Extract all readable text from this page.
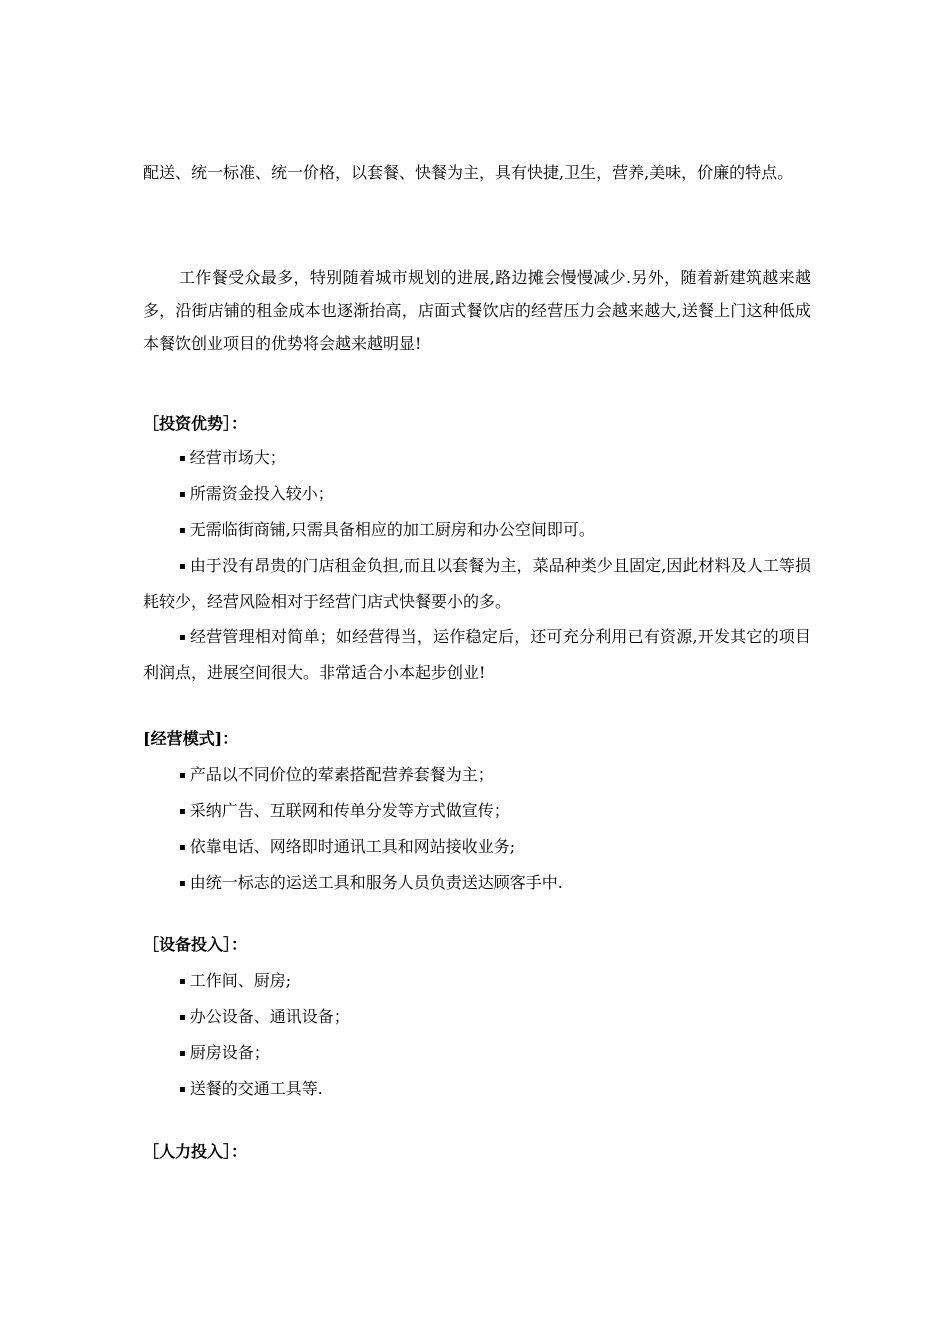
配送、统一标准、统一价格，以套餐、快餐为主，具有快捷,卫生，营养,美味，价廉的特点。

工作餐受众最多，特别随着城市规划的进展,路边摊会慢慢减少.另外，随着新建筑越来越多，沿街店铺的租金成本也逐渐抬高，店面式餐饮店的经营压力会越来越大,送餐上门这种低成本餐饮创业项目的优势将会越来越明显!

［投资优势］：
▪ 经营市场大；
▪ 所需资金投入较小；
▪ 无需临街商铺,只需具备相应的加工厨房和办公空间即可。
▪ 由于没有昂贵的门店租金负担,而且以套餐为主，菜品种类少且固定,因此材料及人工等损耗较少，经营风险相对于经营门店式快餐要小的多。
▪ 经营管理相对简单；如经营得当，运作稳定后，还可充分利用已有资源,开发其它的项目利润点，进展空间很大。非常适合小本起步创业!
[经营模式]：
▪ 产品以不同价位的荤素搭配营养套餐为主；
▪ 采纳广告、互联网和传单分发等方式做宣传；
▪ 依靠电话、网络即时通讯工具和网站接收业务;
▪ 由统一标志的运送工具和服务人员负责送达顾客手中.
［设备投入］：
▪ 工作间、厨房;
▪ 办公设备、通讯设备；
▪ 厨房设备；
▪ 送餐的交通工具等.
［人力投入］：
